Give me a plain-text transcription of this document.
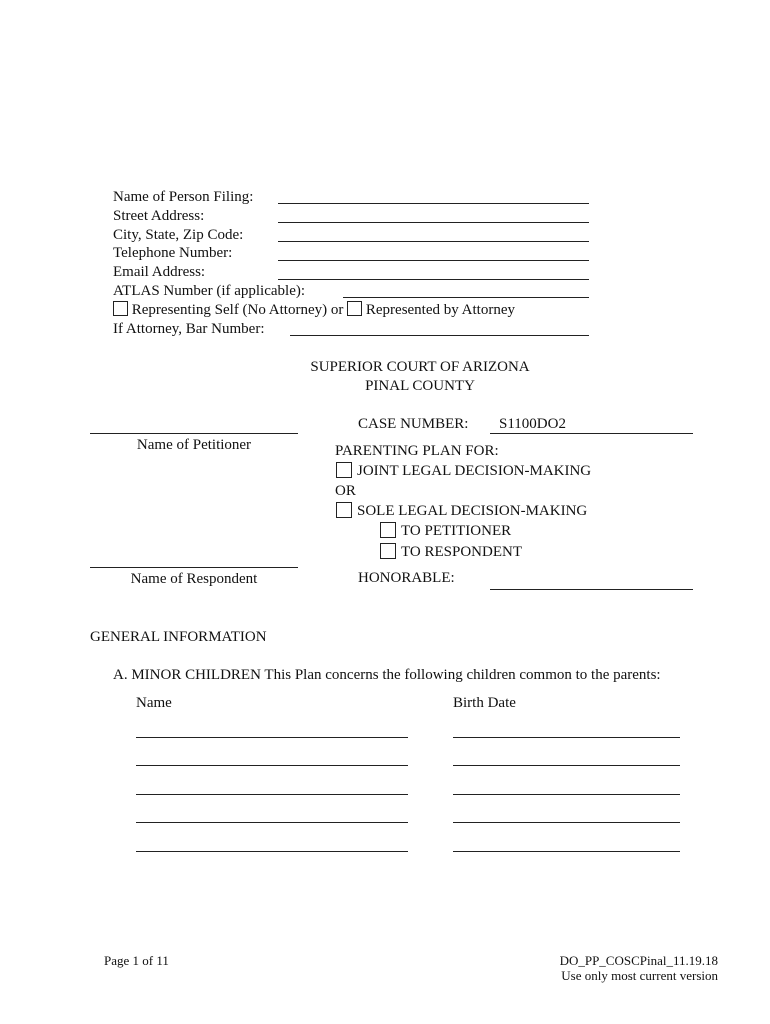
Name of Person Filing:
Street Address:
City, State, Zip Code:
Telephone Number:
Email Address:
ATLAS Number (if applicable):
Representing Self (No Attorney) or Represented by Attorney
If Attorney, Bar Number:
SUPERIOR COURT OF ARIZONA
PINAL COUNTY
Name of Petitioner
Name of Respondent
CASE NUMBER: S1100DO2
PARENTING PLAN FOR:
JOINT LEGAL DECISION-MAKING
OR
SOLE LEGAL DECISION-MAKING
TO PETITIONER
TO RESPONDENT
HONORABLE:
GENERAL INFORMATION
A. MINOR CHILDREN This Plan concerns the following children common to the parents:
Name	Birth Date
Page 1 of 11	DO_PP_COSCPinal_11.19.18
Use only most current version
